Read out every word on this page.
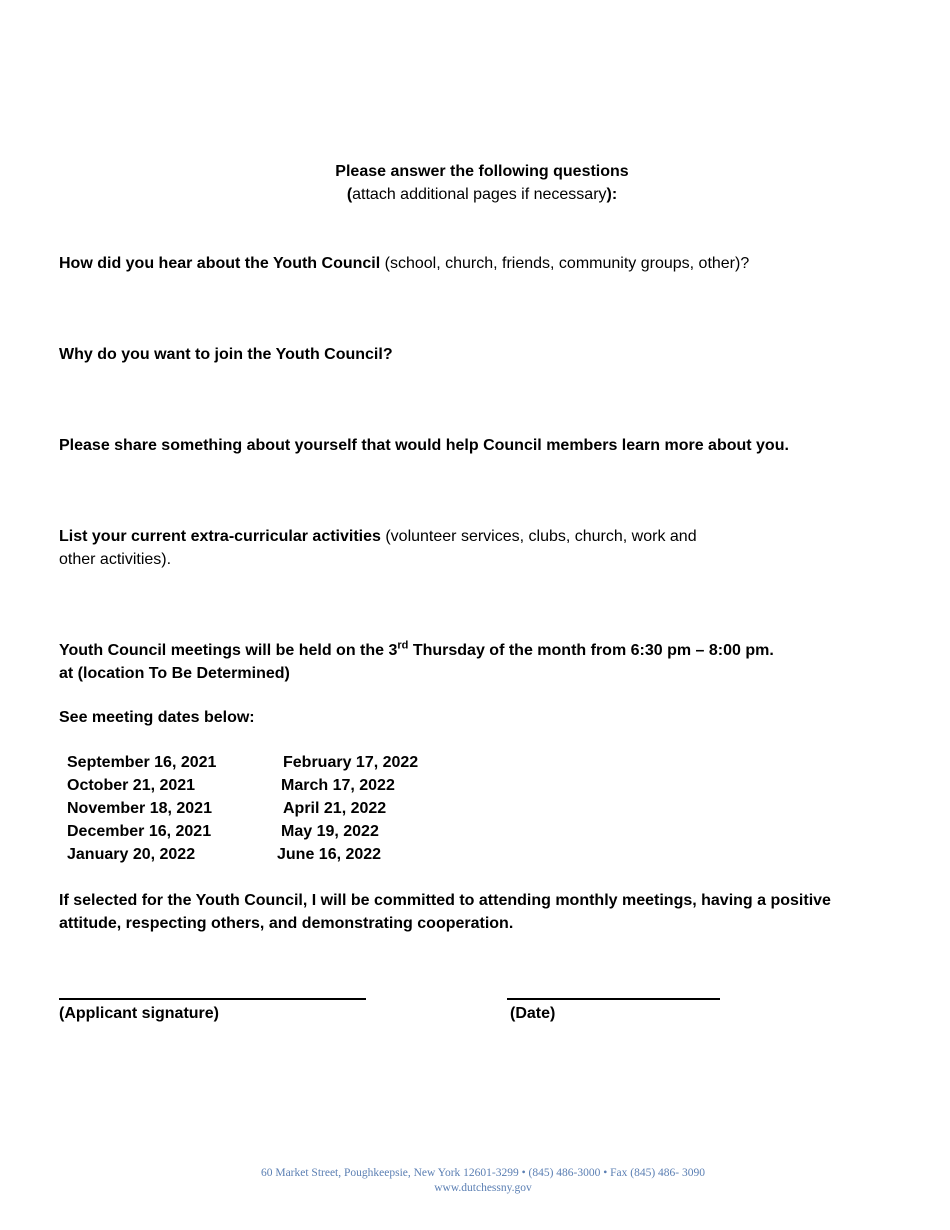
Please answer the following questions
(attach additional pages if necessary):
How did you hear about the Youth Council (school, church, friends, community groups, other)?
Why do you want to join the Youth Council?
Please share something about yourself that would help Council members learn more about you.
List your current extra-curricular activities (volunteer services, clubs, church, work and
other activities).
Youth Council meetings will be held on the 3rd Thursday of the month from 6:30 pm – 8:00 pm.
at (location To Be Determined)
See meeting dates below:
September 16, 2021	February 17, 2022
October 21, 2021	March 17, 2022
November 18, 2021	April 21, 2022
December 16, 2021	May 19, 2022
January 20, 2022	June 16, 2022
If selected for the Youth Council, I will be committed to attending monthly meetings, having a positive
attitude, respecting others, and demonstrating cooperation.
(Applicant signature)	(Date)
60 Market Street, Poughkeepsie, New York 12601-3299 • (845) 486-3000 • Fax (845) 486- 3090
www.dutchessny.gov
